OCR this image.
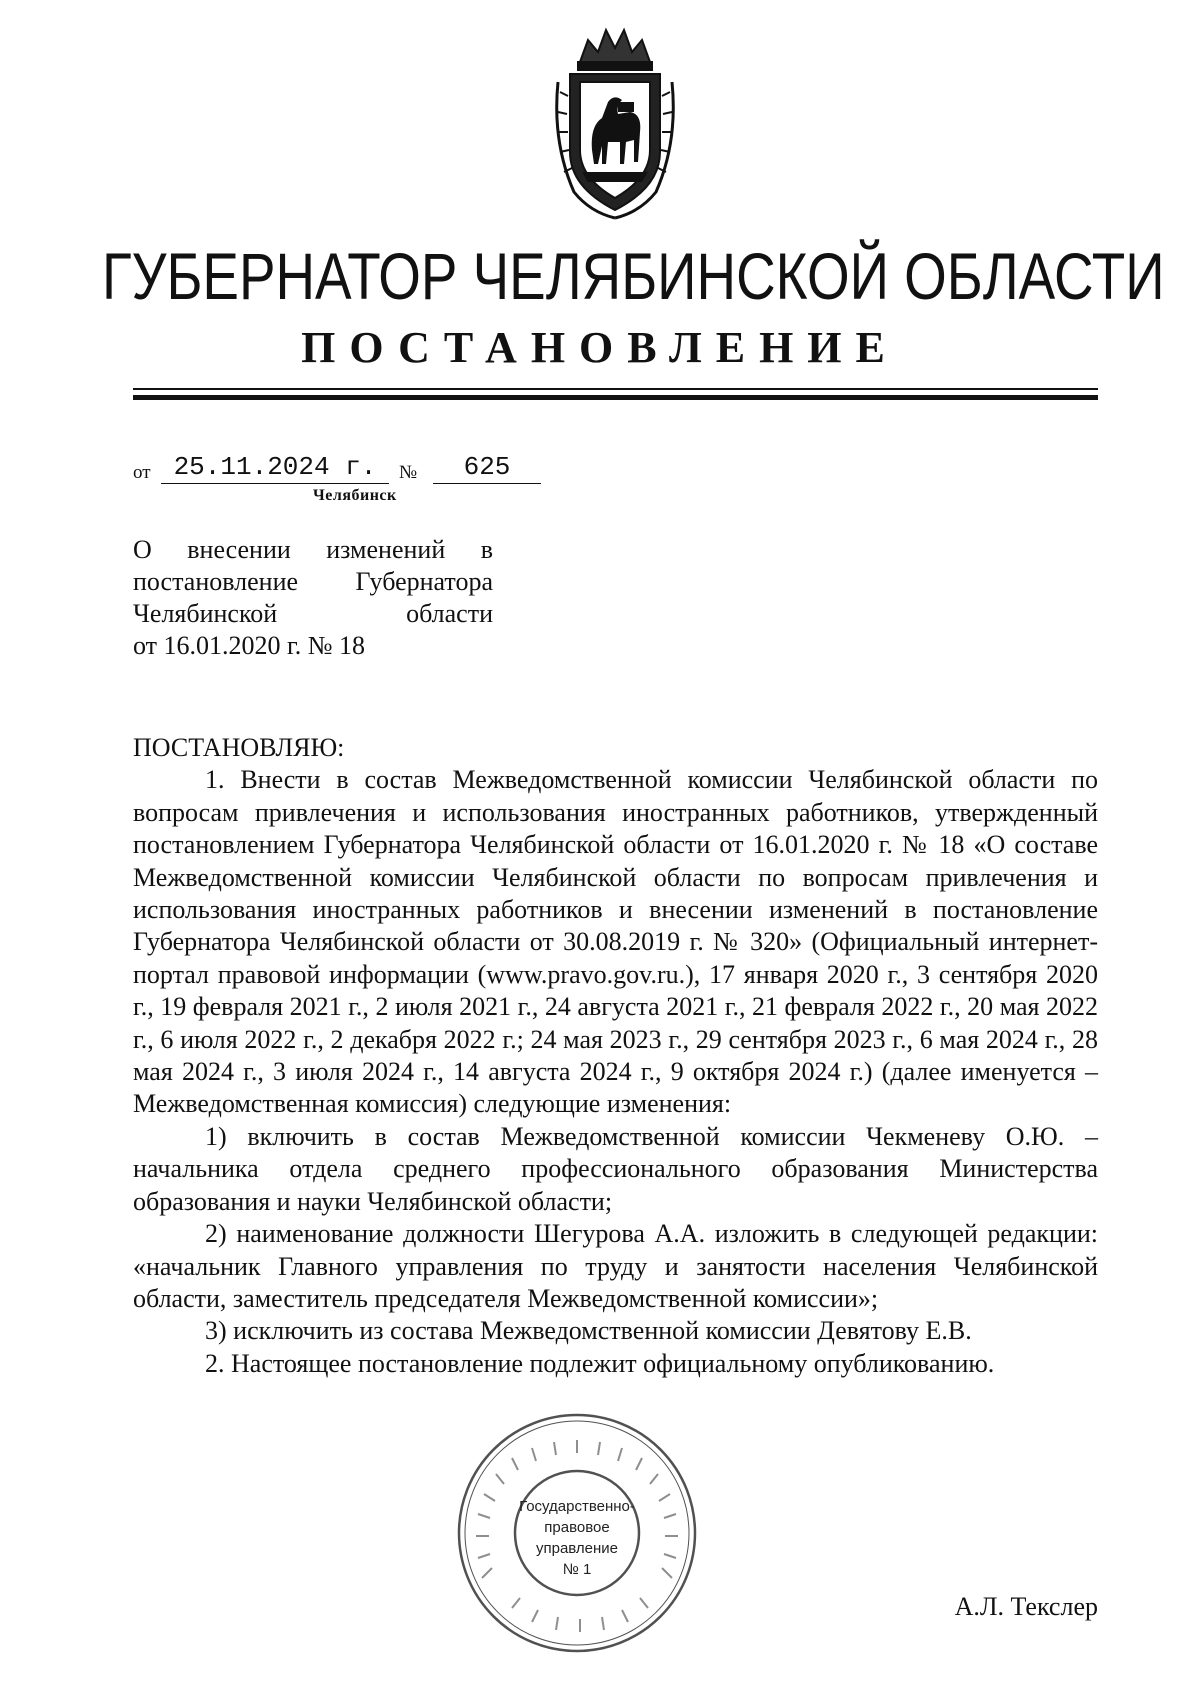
ГУБЕРНАТОР ЧЕЛЯБИНСКОЙ ОБЛАСТИ
ПОСТАНОВЛЕНИЕ
от 25.11.2024 г.	№	625
Челябинск
О внесении изменений в
постановление Губернатора
Челябинской области
от 16.01.2020 г. № 18

ПОСТАНОВЛЯЮ:

1. Внести в состав Межведомственной комиссии Челябинской области по вопросам привлечения и использования иностранных работников, утвержденный постановлением Губернатора Челябинской области от 16.01.2020 г. № 18 «О составе Межведомственной комиссии Челябинской области по вопросам привлечения и использования иностранных работников и внесении изменений в постановление Губернатора Челябинской области от 30.08.2019 г. № 320» (Официальный интернет-портал правовой информации (www.pravo.gov.ru.), 17 января 2020 г., 3 сентября 2020 г., 19 февраля 2021 г., 2 июля 2021 г., 24 августа 2021 г., 21 февраля 2022 г., 20 мая 2022 г., 6 июля 2022 г., 2 декабря 2022 г.; 24 мая 2023 г., 29 сентября 2023 г., 6 мая 2024 г., 28 мая 2024 г., 3 июля 2024 г., 14 августа 2024 г., 9 октября 2024 г.) (далее именуется – Межведомственная комиссия) следующие изменения:

1) включить в состав Межведомственной комиссии Чекменеву О.Ю. – начальника отдела среднего профессионального образования Министерства образования и науки Челябинской области;

2) наименование должности Шегурова А.А. изложить в следующей редакции: «начальник Главного управления по труду и занятости населения Челябинской области, заместитель председателя Межведомственной комиссии»;

3) исключить из состава Межведомственной комиссии Девятову Е.В.

2. Настоящее постановление подлежит официальному опубликованию.

Государственно-
правовое
управление
№ 1
А.Л. Текслер
